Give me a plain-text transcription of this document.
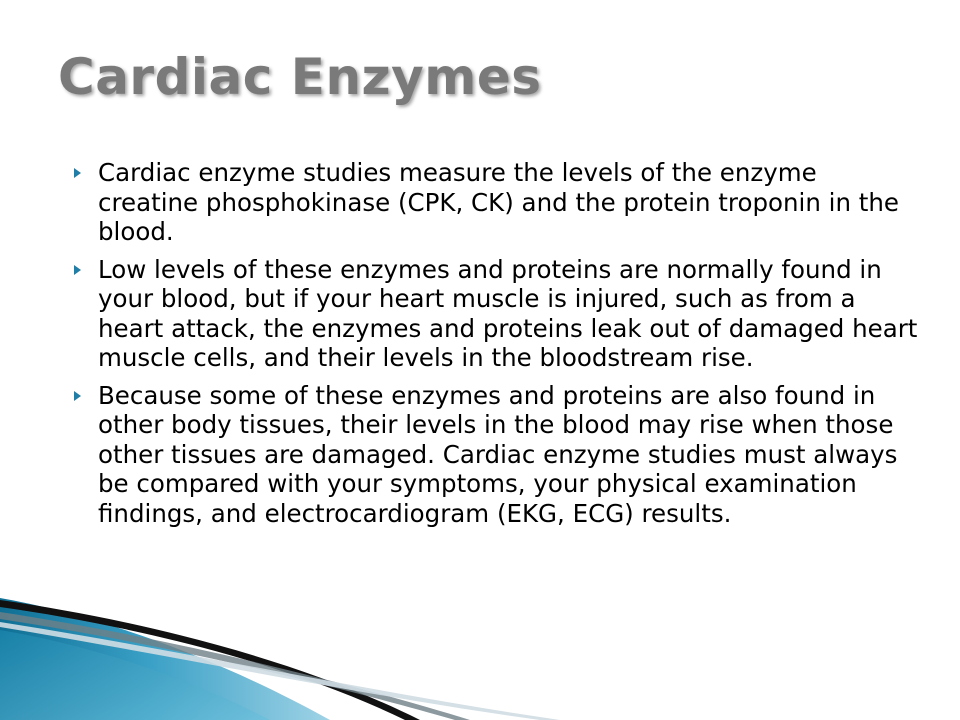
Cardiac Enzymes
Cardiac enzyme studies measure the levels of the enzyme creatine phosphokinase (CPK, CK) and the protein troponin in the blood.
Low levels of these enzymes and proteins are normally found in your blood, but if your heart muscle is injured, such as from a heart attack, the enzymes and proteins leak out of damaged heart muscle cells, and their levels in the bloodstream rise.
Because some of these enzymes and proteins are also found in other body tissues, their levels in the blood may rise when those other tissues are damaged. Cardiac enzyme studies must always be compared with your symptoms, your physical examination findings, and electrocardiogram (EKG, ECG) results.
